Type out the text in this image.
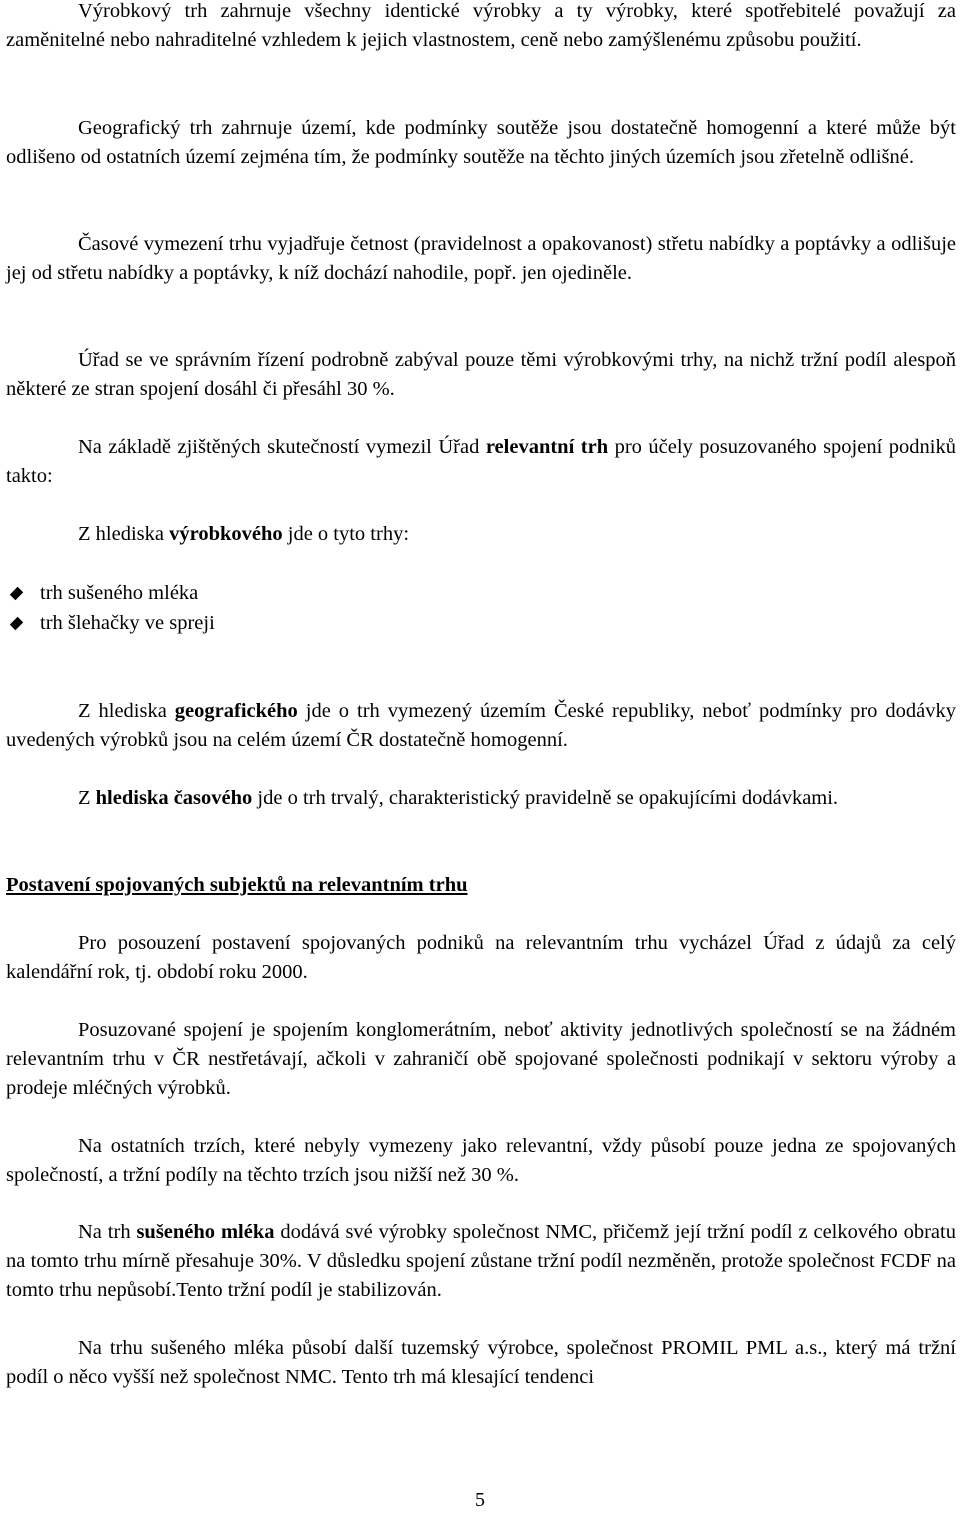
Výrobkový trh zahrnuje všechny identické výrobky a ty výrobky, které spotřebitelé považují za zaměnitelné nebo nahraditelné vzhledem k jejich vlastnostem, ceně nebo zamýšlenému způsobu použití.

Geografický trh zahrnuje území, kde podmínky soutěže jsou dostatečně homogenní a které může být odlišeno od ostatních území zejména tím, že podmínky soutěže na těchto jiných územích jsou zřetelně odlišné.

Časové vymezení trhu vyjadřuje četnost (pravidelnost a opakovanost) střetu nabídky a poptávky a odlišuje jej od střetu nabídky a poptávky, k níž dochází nahodile, popř. jen ojediněle.

Úřad se ve správním řízení podrobně zabýval pouze těmi výrobkovými trhy, na nichž tržní podíl alespoň některé ze stran spojení dosáhl či přesáhl 30 %.

Na základě zjištěných skutečností vymezil Úřad relevantní trh pro účely posuzovaného spojení podniků takto:

Z hlediska výrobkového jde o tyto trhy:

trh sušeného mléka
trh šlehačky ve spreji

Z hlediska geografického jde o trh vymezený územím České republiky, neboť podmínky pro dodávky uvedených výrobků jsou na celém území ČR dostatečně homogenní.

Z hlediska časového jde o trh trvalý, charakteristický pravidelně se opakujícími dodávkami.

Postavení spojovaných subjektů na relevantním trhu

Pro posouzení postavení spojovaných podniků na relevantním trhu vycházel Úřad z údajů za celý kalendářní rok, tj. období roku 2000.

Posuzované spojení je spojením konglomerátním, neboť aktivity jednotlivých společností se na žádném relevantním trhu v ČR nestřetávají, ačkoli v zahraničí obě spojované společnosti podnikají v sektoru výroby a prodeje mléčných výrobků.

Na ostatních trzích, které nebyly vymezeny jako relevantní, vždy působí pouze jedna ze spojovaných společností, a tržní podíly na těchto trzích jsou nižší než 30 %.

Na trh sušeného mléka dodává své výrobky společnost NMC, přičemž její tržní podíl z celkového obratu na tomto trhu mírně přesahuje 30%. V důsledku spojení zůstane tržní podíl nezměněn, protože společnost FCDF na tomto trhu nepůsobí.Tento tržní podíl je stabilizován.

Na trhu sušeného mléka působí další tuzemský výrobce, společnost PROMIL PML a.s., který má tržní podíl o něco vyšší než společnost NMC. Tento trh má klesající tendenci

5
